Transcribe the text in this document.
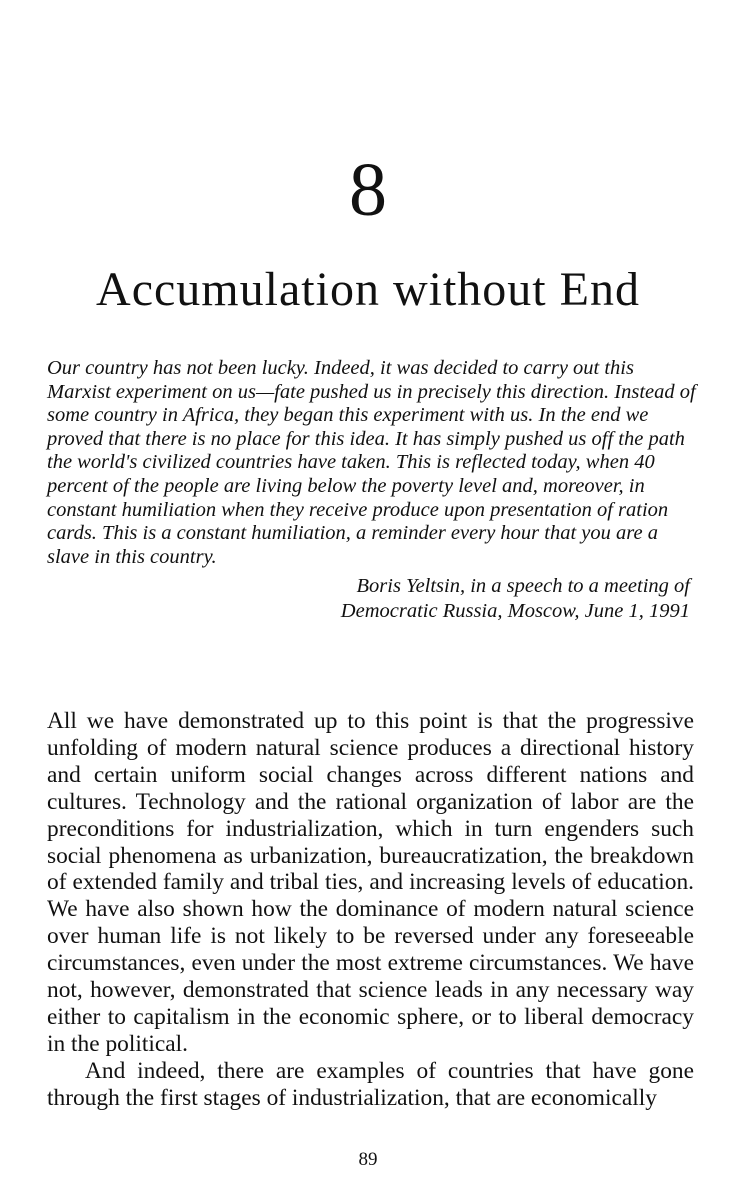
8
Accumulation without End

Our country has not been lucky. Indeed, it was decided to carry out this Marxist experiment on us—fate pushed us in precisely this direction. Instead of some country in Africa, they began this experiment with us. In the end we proved that there is no place for this idea. It has simply pushed us off the path the world's civilized countries have taken. This is reflected today, when 40 percent of the people are living below the poverty level and, moreover, in constant humiliation when they receive produce upon presentation of ration cards. This is a constant humiliation, a reminder every hour that you are a slave in this country.

Boris Yeltsin, in a speech to a meeting of
Democratic Russia, Moscow, June 1, 1991

All we have demonstrated up to this point is that the progressive unfolding of modern natural science produces a directional history and certain uniform social changes across different nations and cultures. Technology and the rational organization of labor are the preconditions for industrialization, which in turn engenders such social phenomena as urbanization, bureaucratization, the breakdown of extended family and tribal ties, and increasing levels of education. We have also shown how the dominance of modern natural science over human life is not likely to be reversed under any foreseeable circumstances, even under the most extreme circumstances. We have not, however, demonstrated that science leads in any necessary way either to capitalism in the economic sphere, or to liberal democracy in the political.

And indeed, there are examples of countries that have gone through the first stages of industrialization, that are economically

89
